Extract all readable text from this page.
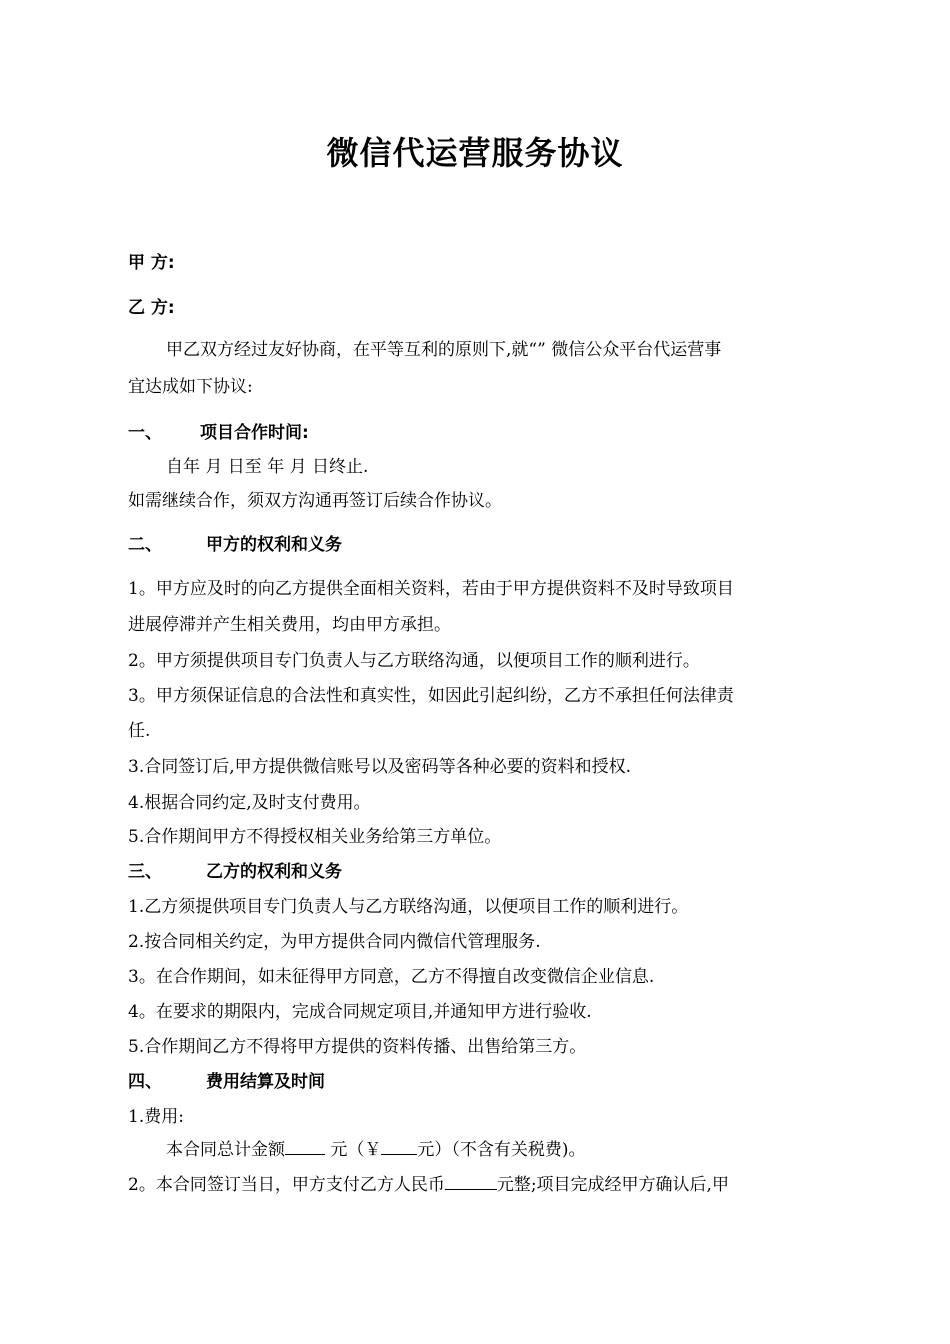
微信代运营服务协议
甲 方:
乙 方:
甲乙双方经过友好协商，在平等互利的原则下,就“” 微信公众平台代运营事
宜达成如下协议:
一、 项目合作时间:
自年 月 日至 年 月 日终止.
如需继续合作，须双方沟通再签订后续合作协议。
二、	甲方的权利和义务
1。甲方应及时的向乙方提供全面相关资料，若由于甲方提供资料不及时导致项目
进展停滞并产生相关费用，均由甲方承担。
2。甲方须提供项目专门负责人与乙方联络沟通，以便项目工作的顺利进行。
3。甲方须保证信息的合法性和真实性，如因此引起纠纷，乙方不承担任何法律责
任.
3.合同签订后,甲方提供微信账号以及密码等各种必要的资料和授权.
4.根据合同约定,及时支付费用。
5.合作期间甲方不得授权相关业务给第三方单位。
三、	乙方的权利和义务
1.乙方须提供项目专门负责人与乙方联络沟通，以便项目工作的顺利进行。
2.按合同相关约定，为甲方提供合同内微信代管理服务.
3。在合作期间，如未征得甲方同意，乙方不得擅自改变微信企业信息.
4。在要求的期限内，完成合同规定项目,并通知甲方进行验收.
5.合作期间乙方不得将甲方提供的资料传播、出售给第三方。
四、	费用结算及时间
1.费用:
本合同总计金额	元（￥ 元）（不含有关税费)。
2。本合同签订当日，甲方支付乙方人民币	元整;项目完成经甲方确认后,甲
